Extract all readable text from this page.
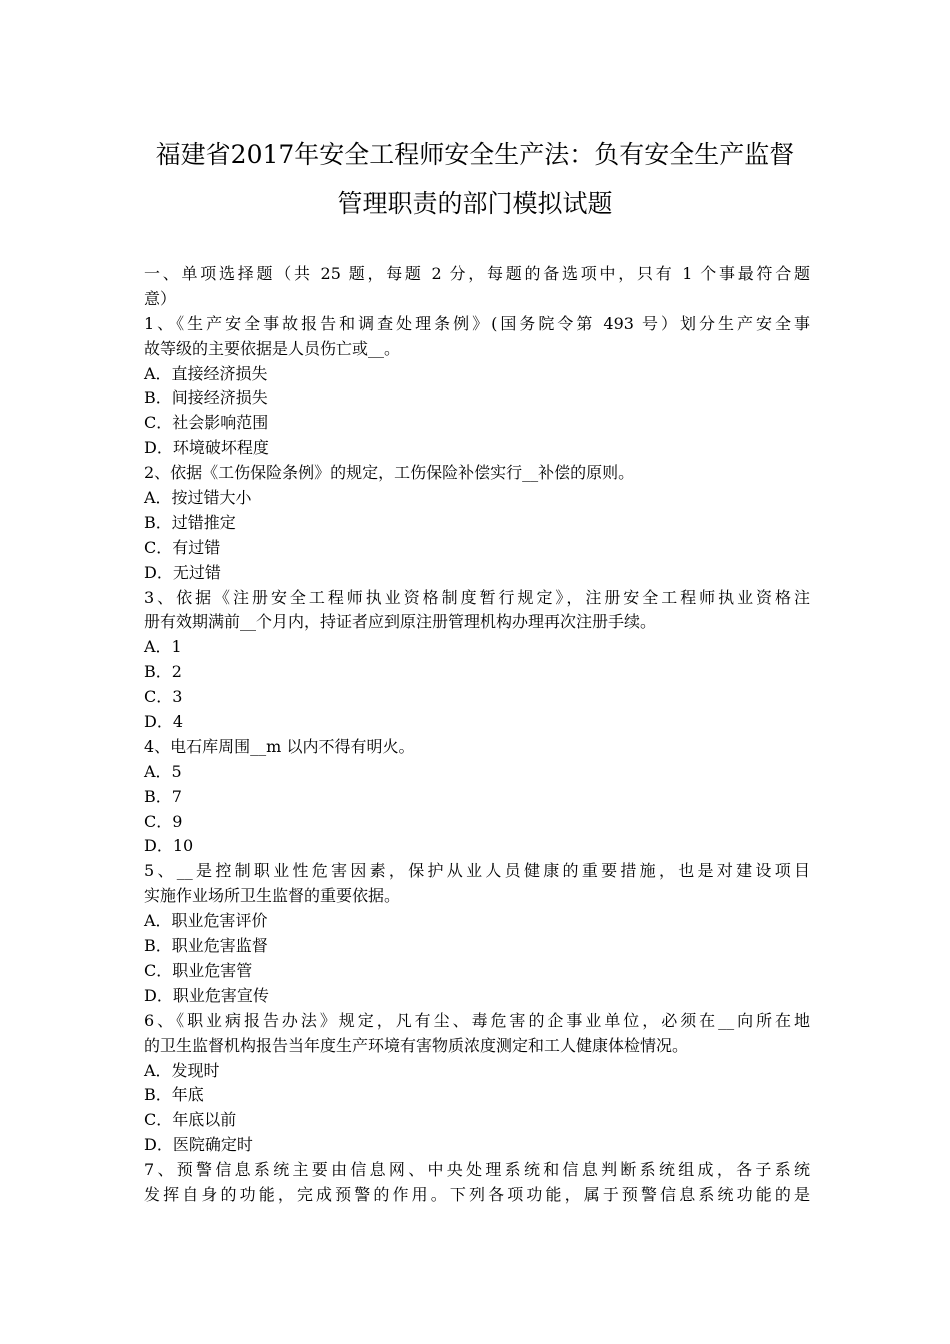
福建省2017年安全工程师安全生产法：负有安全生产监督
管理职责的部门模拟试题
一、单项选择题（共 25 题，每题 2 分，每题的备选项中，只有 1 个事最符合题
意）
1、《生产安全事故报告和调查处理条例》(国务院令第 493 号）划分生产安全事
故等级的主要依据是人员伤亡或__。
A．直接经济损失
B．间接经济损失
C．社会影响范围
D．环境破坏程度
2、依据《工伤保险条例》的规定，工伤保险补偿实行__补偿的原则。
A．按过错大小
B．过错推定
C．有过错
D．无过错
3、依据《注册安全工程师执业资格制度暂行规定》，注册安全工程师执业资格注
册有效期满前__个月内，持证者应到原注册管理机构办理再次注册手续。
A．1
B．2
C．3
D．4
4、电石库周围__m 以内不得有明火。
A．5
B．7
C．9
D．10
5、__是控制职业性危害因素，保护从业人员健康的重要措施，也是对建设项目
实施作业场所卫生监督的重要依据。
A．职业危害评价
B．职业危害监督
C．职业危害管
D．职业危害宣传
6、《职业病报告办法》规定，凡有尘、毒危害的企事业单位，必须在__向所在地
的卫生监督机构报告当年度生产环境有害物质浓度测定和工人健康体检情况。
A．发现时
B．年底
C．年底以前
D．医院确定时
7、预警信息系统主要由信息网、中央处理系统和信息判断系统组成，各子系统
发挥自身的功能，完成预警的作用。下列各项功能，属于预警信息系统功能的是
